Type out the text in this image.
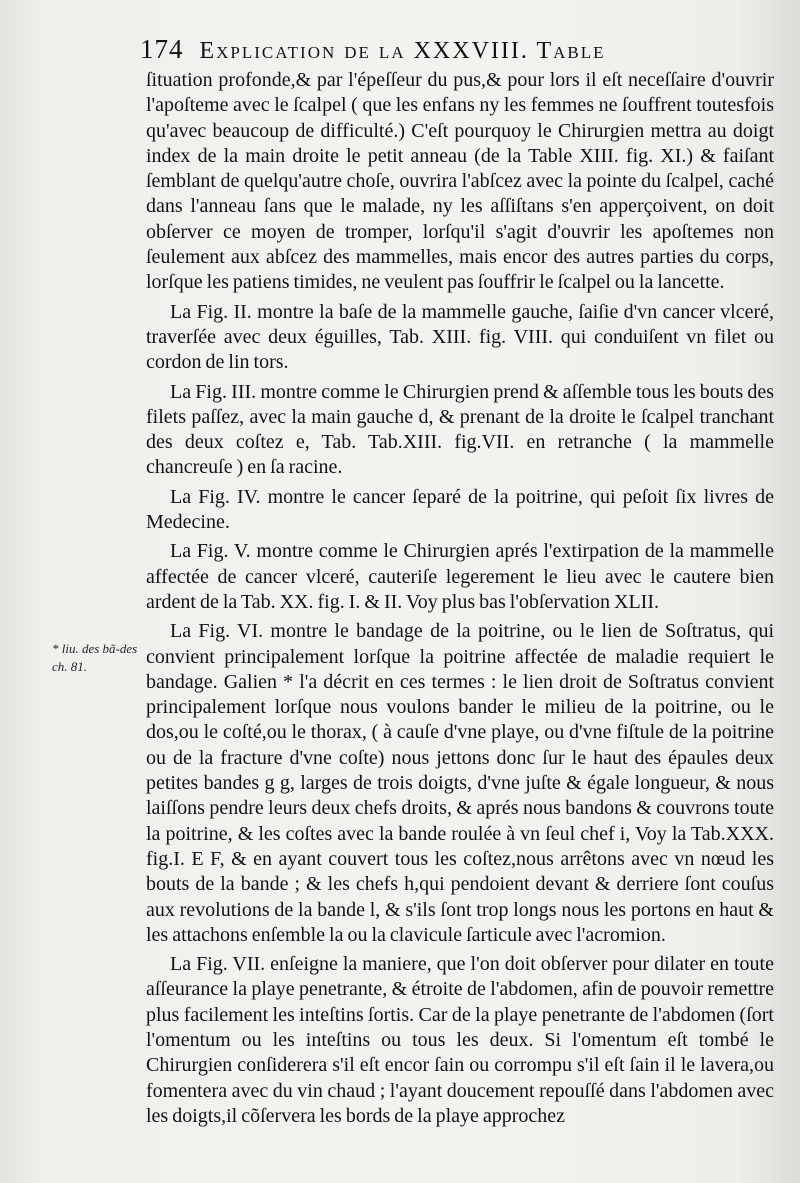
174 Explication de la XXXVIII. Table

ſituation profonde,& par l'épeſſeur du pus,& pour lors il eſt neceſſaire d'ouvrir l'apoſteme avec le ſcalpel ( que les enfans ny les femmes ne ſouffrent toutesfois qu'avec beaucoup de difficulté.) C'eſt pourquoy le Chirurgien mettra au doigt index de la main droite le petit anneau (de la Table XIII. fig. XI.) & faiſant ſemblant de quelqu'autre choſe, ouvrira l'abſcez avec la pointe du ſcalpel, caché dans l'anneau ſans que le malade, ny les aſſiſtans s'en apperçoivent, on doit obſerver ce moyen de tromper, lorſqu'il s'agit d'ouvrir les apoſtemes non ſeulement aux abſcez des mammelles, mais encor des autres parties du corps, lorſque les patiens timides, ne veulent pas ſouffrir le ſcalpel ou la lancette.

La Fig. II. montre la baſe de la mammelle gauche, ſaiſie d'vn cancer vlceré, traverſée avec deux éguilles, Tab. XIII. fig. VIII. qui conduiſent vn filet ou cordon de lin tors.

La Fig. III. montre comme le Chirurgien prend & aſſemble tous les bouts des filets paſſez, avec la main gauche d, & prenant de la droite le ſcalpel tranchant des deux coſtez e, Tab. Tab.XIII. fig.VII. en retranche ( la mammelle chancreuſe ) en ſa racine.

La Fig. IV. montre le cancer ſeparé de la poitrine, qui peſoit ſix livres de Medecine.

La Fig. V. montre comme le Chirurgien aprés l'extirpation de la mammelle affectée de cancer vlceré, cauteriſe legerement le lieu avec le cautere bien ardent de la Tab. XX. fig. I. & II. Voy plus bas l'obſervation XLII.

La Fig. VI. montre le bandage de la poitrine, ou le lien de Soſtratus, qui convient principalement lorſque la poitrine affectée de maladie requiert le bandage. Galien * l'a décrit en ces termes : le lien droit de Soſtratus convient principalement lorſque nous voulons bander le milieu de la poitrine, ou le dos,ou le coſté,ou le thorax, ( à cauſe d'vne playe, ou d'vne fiſtule de la poitrine ou de la fracture d'vne coſte) nous jettons donc ſur le haut des épaules deux petites bandes g g, larges de trois doigts, d'vne juſte & égale longueur, & nous laiſſons pendre leurs deux chefs droits, & aprés nous bandons & couvrons toute la poitrine, & les coſtes avec la bande roulée à vn ſeul chef i, Voy la Tab.XXX. fig.I. E F, & en ayant couvert tous les coſtez,nous arrêtons avec vn nœud les bouts de la bande ; & les chefs h,qui pendoient devant & derriere ſont couſus aux revolutions de la bande l, & s'ils ſont trop longs nous les portons en haut & les attachons enſemble la ou la clavicule ſarticule avec l'acromion.

La Fig. VII. enſeigne la maniere, que l'on doit obſerver pour dilater en toute aſſeurance la playe penetrante, & étroite de l'abdomen, afin de pouvoir remettre plus facilement les inteſtins ſortis. Car de la playe penetrante de l'abdomen (ſort l'omentum ou les inteſtins ou tous les deux. Si l'omentum eſt tombé le Chirurgien conſiderera s'il eſt encor ſain ou corrompu s'il eſt ſain il le lavera,ou fomentera avec du vin chaud ; l'ayant doucement repouſſé dans l'abdomen avec les doigts,il cõſervera les bords de la playe approchez

* liu. des bã-des ch. 81.
